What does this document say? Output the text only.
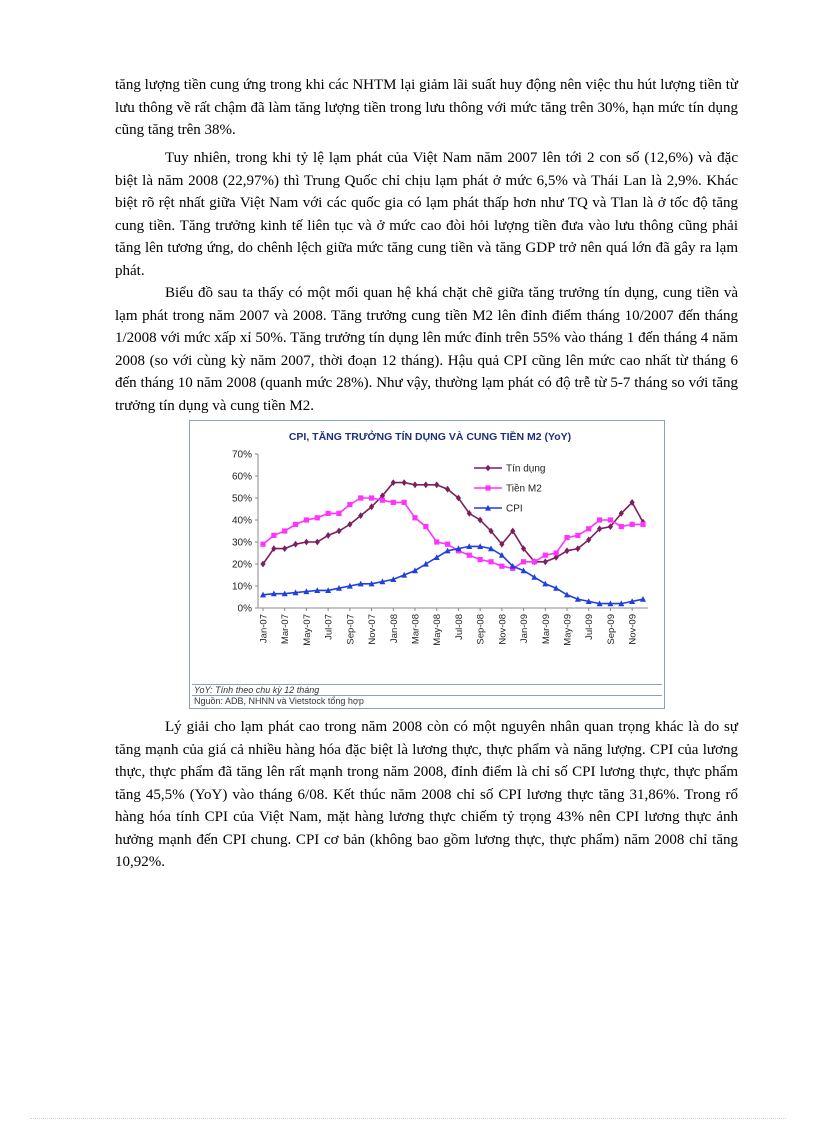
tăng lượng tiền cung ứng trong khi các NHTM lại giảm lãi suất huy động nên việc thu hút lượng tiền từ lưu thông về rất chậm đã làm tăng lượng tiền trong lưu thông với mức tăng trên 30%, hạn mức tín dụng cũng tăng trên 38%.

Tuy nhiên, trong khi tỷ lệ lạm phát của Việt Nam năm 2007 lên tới 2 con số (12,6%) và đặc biệt là năm 2008 (22,97%) thì Trung Quốc chỉ chịu lạm phát ở mức 6,5% và Thái Lan là 2,9%. Khác biệt rõ rệt nhất giữa Việt Nam với các quốc gia có lạm phát thấp hơn như TQ và Tlan là ở tốc độ tăng cung tiền. Tăng trưởng kinh tế liên tục và ở mức cao đòi hỏi lượng tiền đưa vào lưu thông cũng phải tăng lên tương ứng, do chênh lệch giữa mức tăng cung tiền và tăng GDP trở nên quá lớn đã gây ra lạm phát.

Biểu đồ sau ta thấy có một mối quan hệ khá chặt chẽ giữa tăng trưởng tín dụng, cung tiền và lạm phát trong năm 2007 và 2008. Tăng trưởng cung tiền M2 lên đỉnh điểm tháng 10/2007 đến tháng 1/2008 với mức xấp xỉ 50%. Tăng trưởng tín dụng lên mức đỉnh trên 55% vào tháng 1 đến tháng 4 năm 2008 (so với cùng kỳ năm 2007, thời đoạn 12 tháng). Hậu quả CPI cũng lên mức cao nhất từ tháng 6 đến tháng 10 năm 2008 (quanh mức 28%). Như vậy, thường lạm phát có độ trễ từ 5-7 tháng so với tăng trưởng tín dụng và cung tiền M2.

CPI, TĂNG TRƯỞNG TÍN DỤNG VÀ CUNG TIỀN M2 (YoY)
0%
10%
20%
30%
40%
50%
60%
70%
Jan-07 Mar-07 May-07 Jul-07 Sep-07 Nov-07 Jan-08 Mar-08 May-08 Jul-08 Sep-08 Nov-08 Jan-09 Mar-09 May-09 Jul-09 Sep-09 Nov-09
Tín dụng
Tiền M2
CPI
YoY: Tính theo chu kỳ 12 tháng
Nguồn: ADB, NHNN và Vietstock tổng hợp

Lý giải cho lạm phát cao trong năm 2008 còn có một nguyên nhân quan trọng khác là do sự tăng mạnh của giá cả nhiều hàng hóa đặc biệt là lương thực, thực phẩm và năng lượng. CPI của lương thực, thực phẩm đã tăng lên rất mạnh trong năm 2008, đỉnh điểm là chỉ số CPI lương thực, thực phẩm tăng 45,5% (YoY) vào tháng 6/08. Kết thúc năm 2008 chỉ số CPI lương thực tăng 31,86%. Trong rổ hàng hóa tính CPI của Việt Nam, mặt hàng lương thực chiếm tỷ trọng 43% nên CPI lương thực ảnh hưởng mạnh đến CPI chung. CPI cơ bản (không bao gồm lương thực, thực phẩm) năm 2008 chỉ tăng 10,92%.
